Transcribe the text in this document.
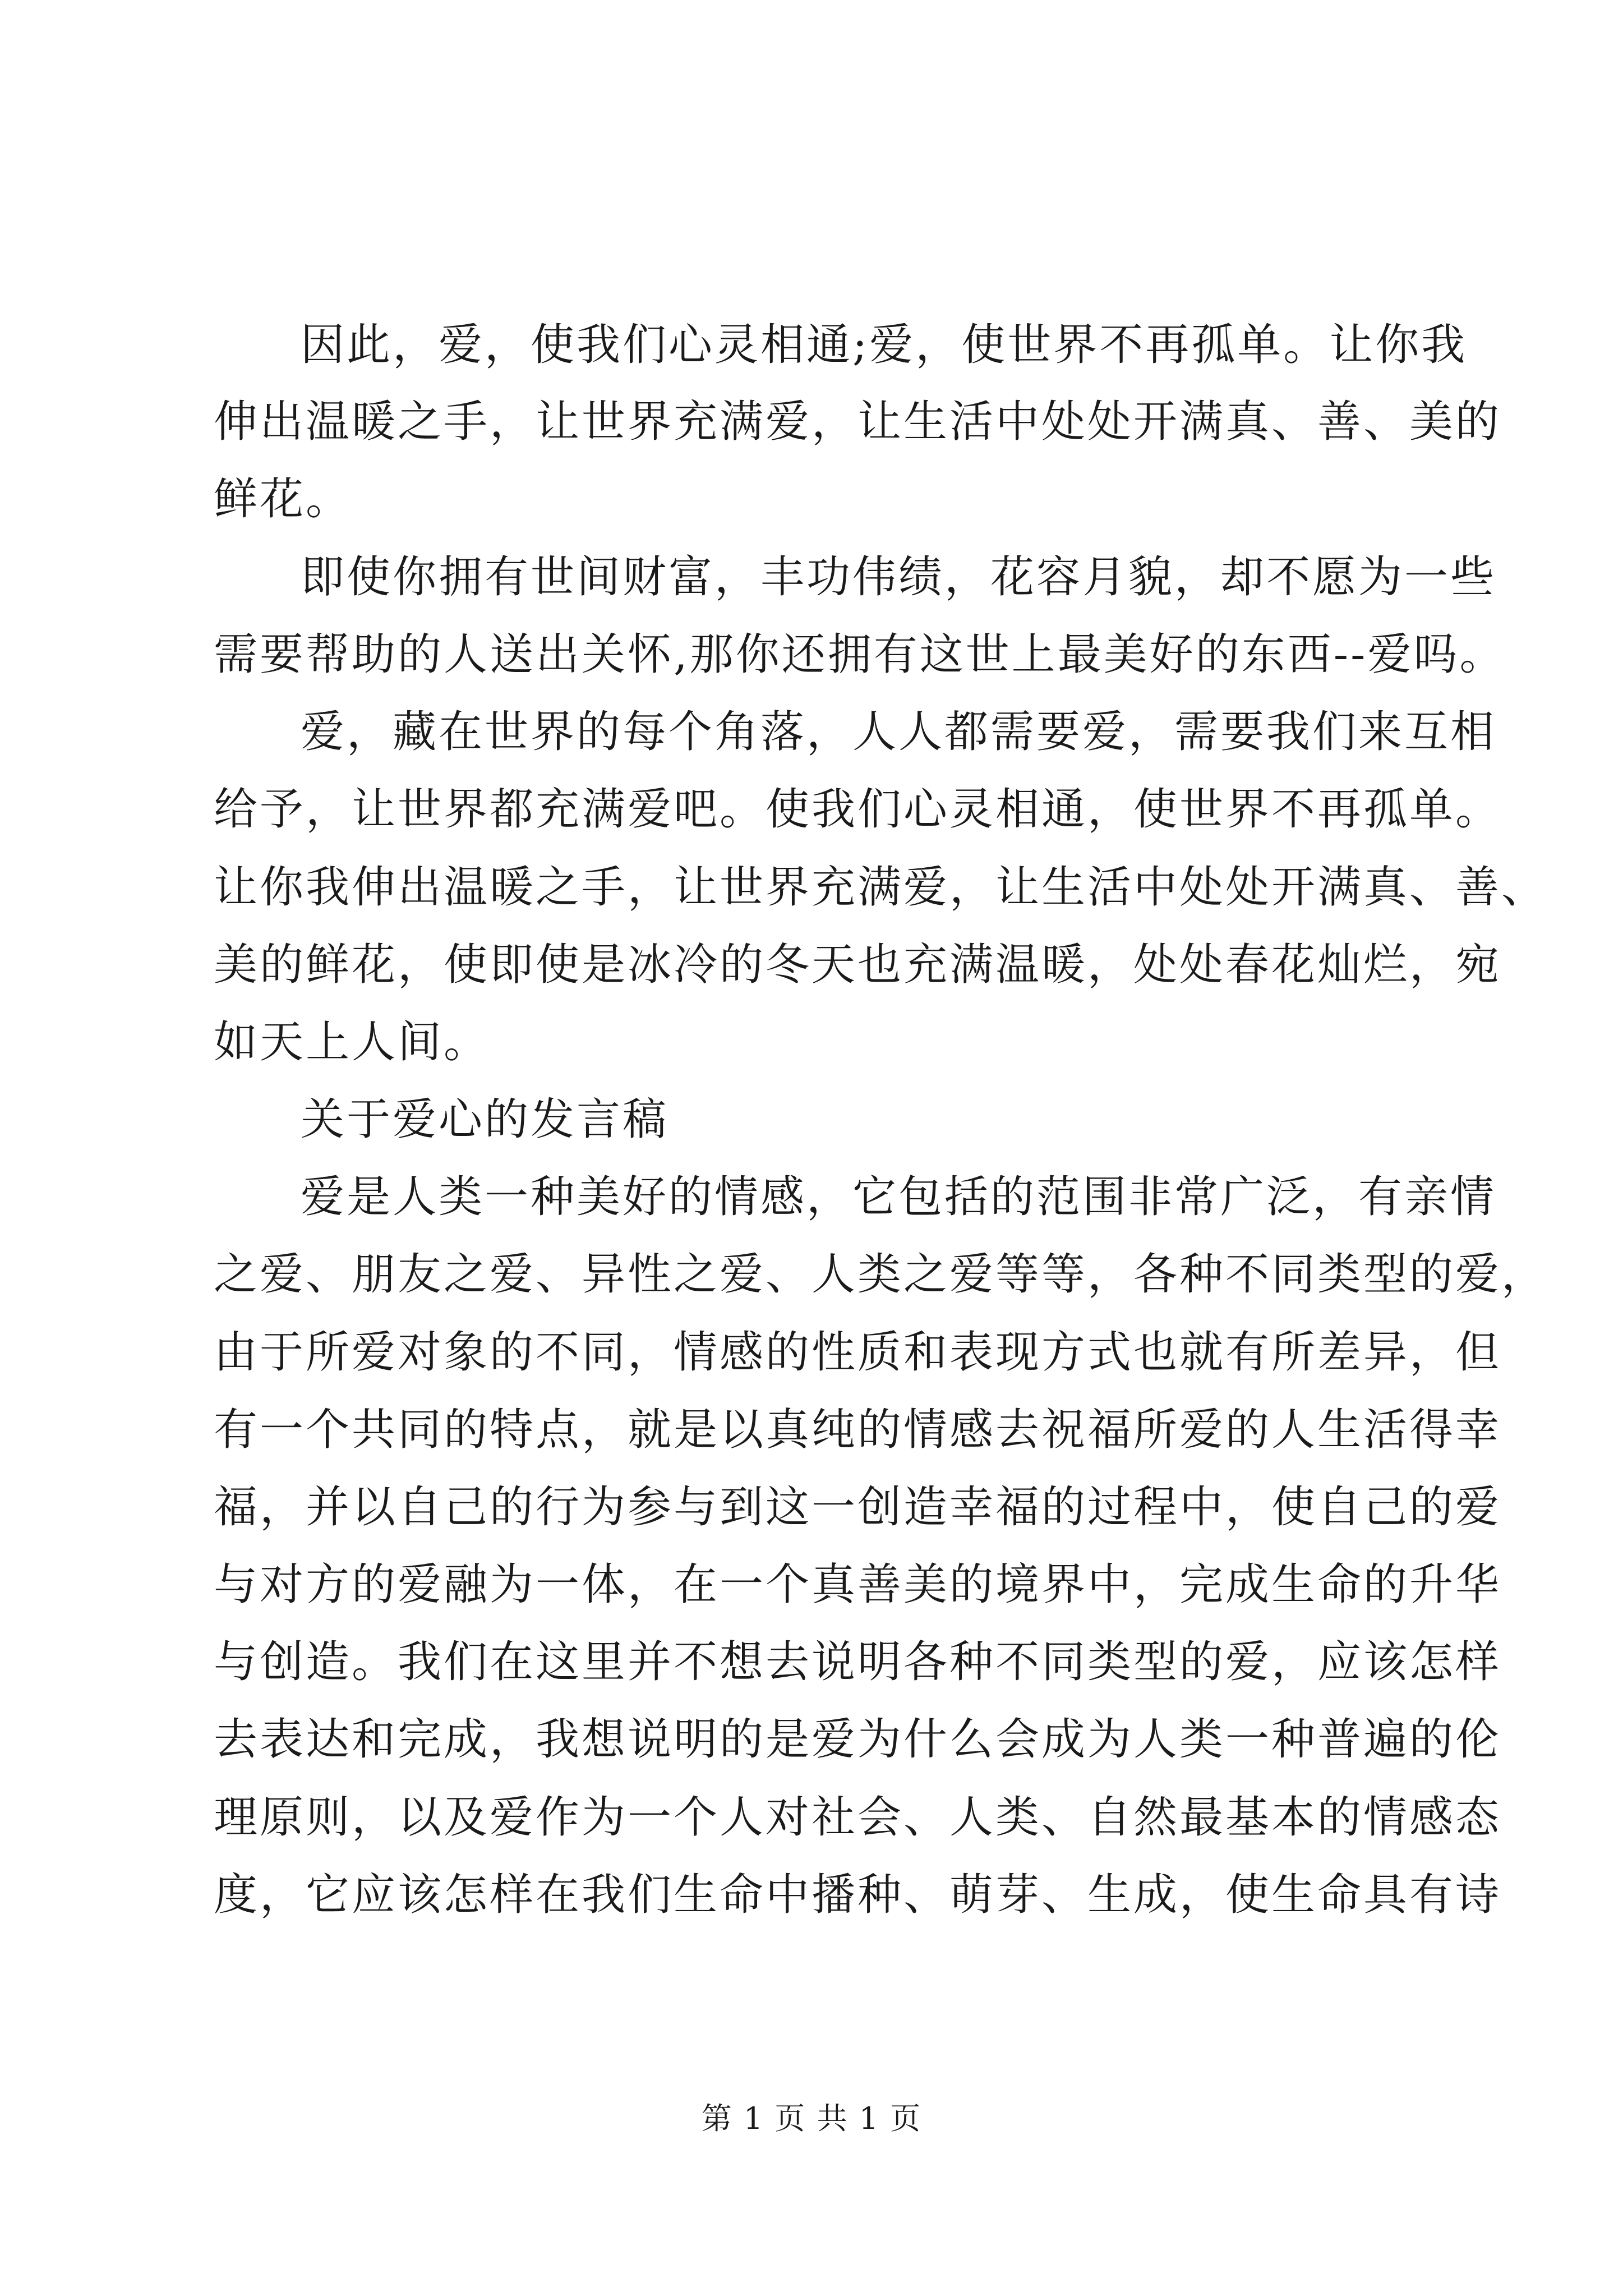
因此，爱，使我们心灵相通;爱，使世界不再孤单。让你我
伸出温暖之手，让世界充满爱，让生活中处处开满真、善、美的
鲜花。
即使你拥有世间财富，丰功伟绩，花容月貌，却不愿为一些
需要帮助的人送出关怀,那你还拥有这世上最美好的东西--爱吗。
爱，藏在世界的每个角落，人人都需要爱，需要我们来互相
给予，让世界都充满爱吧。使我们心灵相通，使世界不再孤单。
让你我伸出温暖之手，让世界充满爱，让生活中处处开满真、善、
美的鲜花，使即使是冰冷的冬天也充满温暖，处处春花灿烂，宛
如天上人间。
关于爱心的发言稿
爱是人类一种美好的情感，它包括的范围非常广泛，有亲情
之爱、朋友之爱、异性之爱、人类之爱等等，各种不同类型的爱，
由于所爱对象的不同，情感的性质和表现方式也就有所差异，但
有一个共同的特点，就是以真纯的情感去祝福所爱的人生活得幸
福，并以自己的行为参与到这一创造幸福的过程中，使自己的爱
与对方的爱融为一体，在一个真善美的境界中，完成生命的升华
与创造。我们在这里并不想去说明各种不同类型的爱，应该怎样
去表达和完成，我想说明的是爱为什么会成为人类一种普遍的伦
理原则，以及爱作为一个人对社会、人类、自然最基本的情感态
度，它应该怎样在我们生命中播种、萌芽、生成，使生命具有诗
第 1 页 共 1 页
